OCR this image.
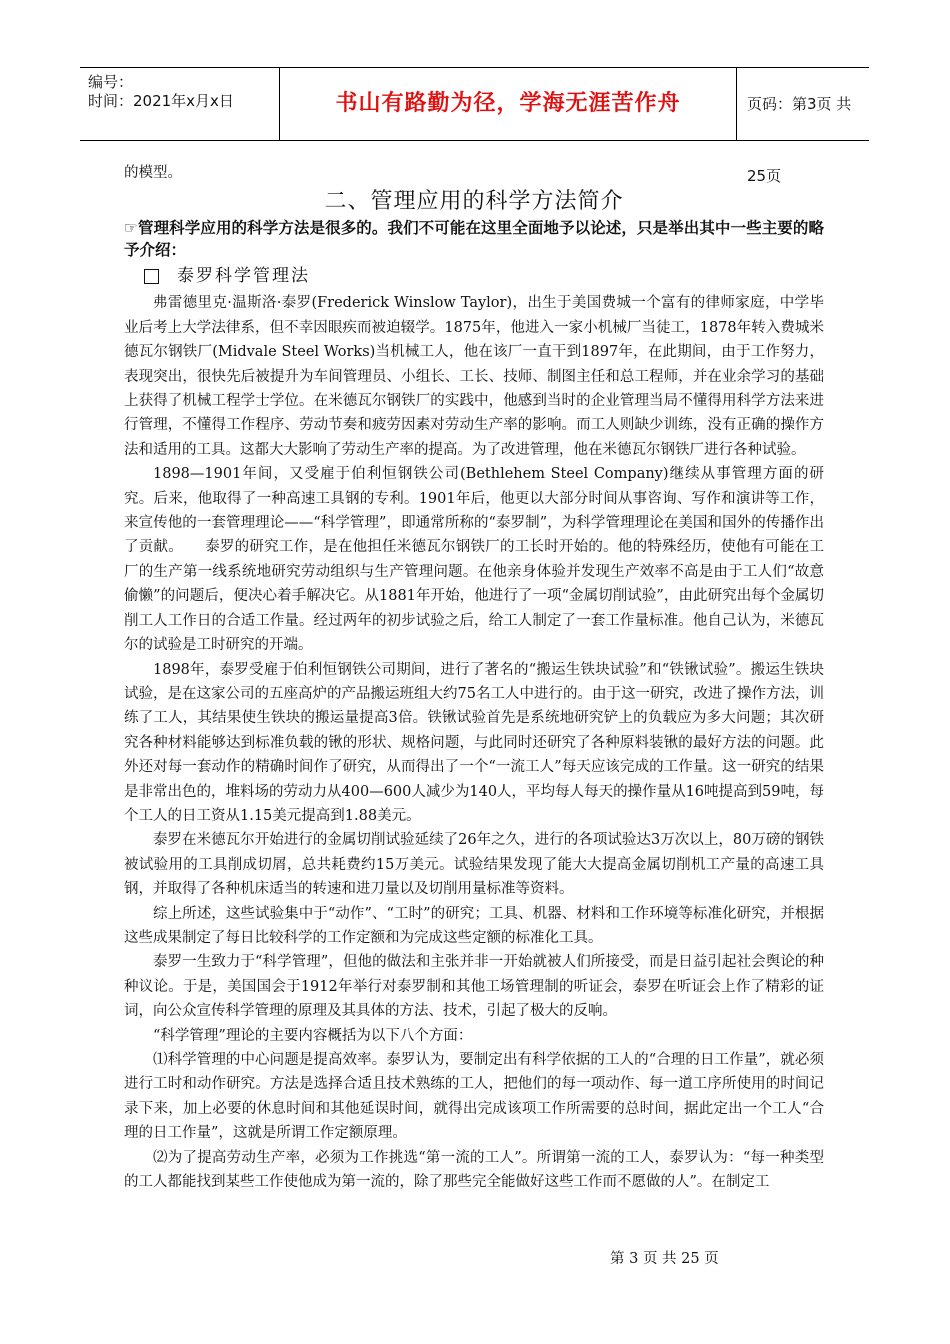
编号：
时间：2021年x月x日	书山有路勤为径，学海无涯苦作舟	页码：第3页 共25页

的模型。

二、管理应用的科学方法简介

☞管理科学应用的科学方法是很多的。我们不可能在这里全面地予以论述，只是举出其中一些主要的略予介绍：

泰罗科学管理法

弗雷德里克·温斯洛·泰罗(Frederick Winslow Taylor)，出生于美国费城一个富有的律师家庭，中学毕业后考上大学法律系，但不幸因眼疾而被迫辍学。1875年，他进入一家小机械厂当徒工，1878年转入费城米德瓦尔钢铁厂(Midvale Steel Works)当机械工人，他在该厂一直干到1897年，在此期间，由于工作努力，表现突出，很快先后被提升为车间管理员、小组长、工长、技师、制图主任和总工程师，并在业余学习的基础上获得了机械工程学士学位。在米德瓦尔钢铁厂的实践中，他感到当时的企业管理当局不懂得用科学方法来进行管理，不懂得工作程序、劳动节奏和疲劳因素对劳动生产率的影响。而工人则缺少训练，没有正确的操作方法和适用的工具。这都大大影响了劳动生产率的提高。为了改进管理，他在米德瓦尔钢铁厂进行各种试验。

1898—1901年间，又受雇于伯利恒钢铁公司(Bethlehem Steel Company)继续从事管理方面的研究。后来，他取得了一种高速工具钢的专利。1901年后，他更以大部分时间从事咨询、写作和演讲等工作，来宣传他的一套管理理论——“科学管理”，即通常所称的“泰罗制”，为科学管理理论在美国和国外的传播作出了贡献。　　泰罗的研究工作，是在他担任米德瓦尔钢铁厂的工长时开始的。他的特殊经历，使他有可能在工厂的生产第一线系统地研究劳动组织与生产管理问题。在他亲身体验并发现生产效率不高是由于工人们“故意偷懒”的问题后，便决心着手解决它。从1881年开始，他进行了一项“金属切削试验”，由此研究出每个金属切削工人工作日的合适工作量。经过两年的初步试验之后，给工人制定了一套工作量标准。他自己认为，米德瓦尔的试验是工时研究的开端。

1898年，泰罗受雇于伯利恒钢铁公司期间，进行了著名的“搬运生铁块试验”和“铁锹试验”。搬运生铁块试验，是在这家公司的五座高炉的产品搬运班组大约75名工人中进行的。由于这一研究，改进了操作方法，训练了工人，其结果使生铁块的搬运量提高3倍。铁锹试验首先是系统地研究铲上的负载应为多大问题；其次研究各种材料能够达到标准负载的锹的形状、规格问题，与此同时还研究了各种原料装锹的最好方法的问题。此外还对每一套动作的精确时间作了研究，从而得出了一个“一流工人”每天应该完成的工作量。这一研究的结果是非常出色的，堆料场的劳动力从400—600人减少为140人，平均每人每天的操作量从16吨提高到59吨，每个工人的日工资从1.15美元提高到1.88美元。

泰罗在米德瓦尔开始进行的金属切削试验延续了26年之久，进行的各项试验达3万次以上，80万磅的钢铁被试验用的工具削成切屑，总共耗费约15万美元。试验结果发现了能大大提高金属切削机工产量的高速工具钢，并取得了各种机床适当的转速和进刀量以及切削用量标准等资料。

综上所述，这些试验集中于“动作”、“工时”的研究；工具、机器、材料和工作环境等标准化研究，并根据这些成果制定了每日比较科学的工作定额和为完成这些定额的标准化工具。

泰罗一生致力于“科学管理”，但他的做法和主张并非一开始就被人们所接受，而是日益引起社会舆论的种种议论。于是，美国国会于1912年举行对泰罗制和其他工场管理制的听证会，泰罗在听证会上作了精彩的证词，向公众宣传科学管理的原理及其具体的方法、技术，引起了极大的反响。

“科学管理”理论的主要内容概括为以下八个方面：

⑴科学管理的中心问题是提高效率。泰罗认为，要制定出有科学依据的工人的“合理的日工作量”，就必须进行工时和动作研究。方法是选择合适且技术熟练的工人，把他们的每一项动作、每一道工序所使用的时间记录下来，加上必要的休息时间和其他延误时间，就得出完成该项工作所需要的总时间，据此定出一个工人“合理的日工作量”，这就是所谓工作定额原理。

⑵为了提高劳动生产率，必须为工作挑选“第一流的工人”。所谓第一流的工人，泰罗认为：“每一种类型的工人都能找到某些工作使他成为第一流的，除了那些完全能做好这些工作而不愿做的人”。在制定工

第 3 页 共 25 页
